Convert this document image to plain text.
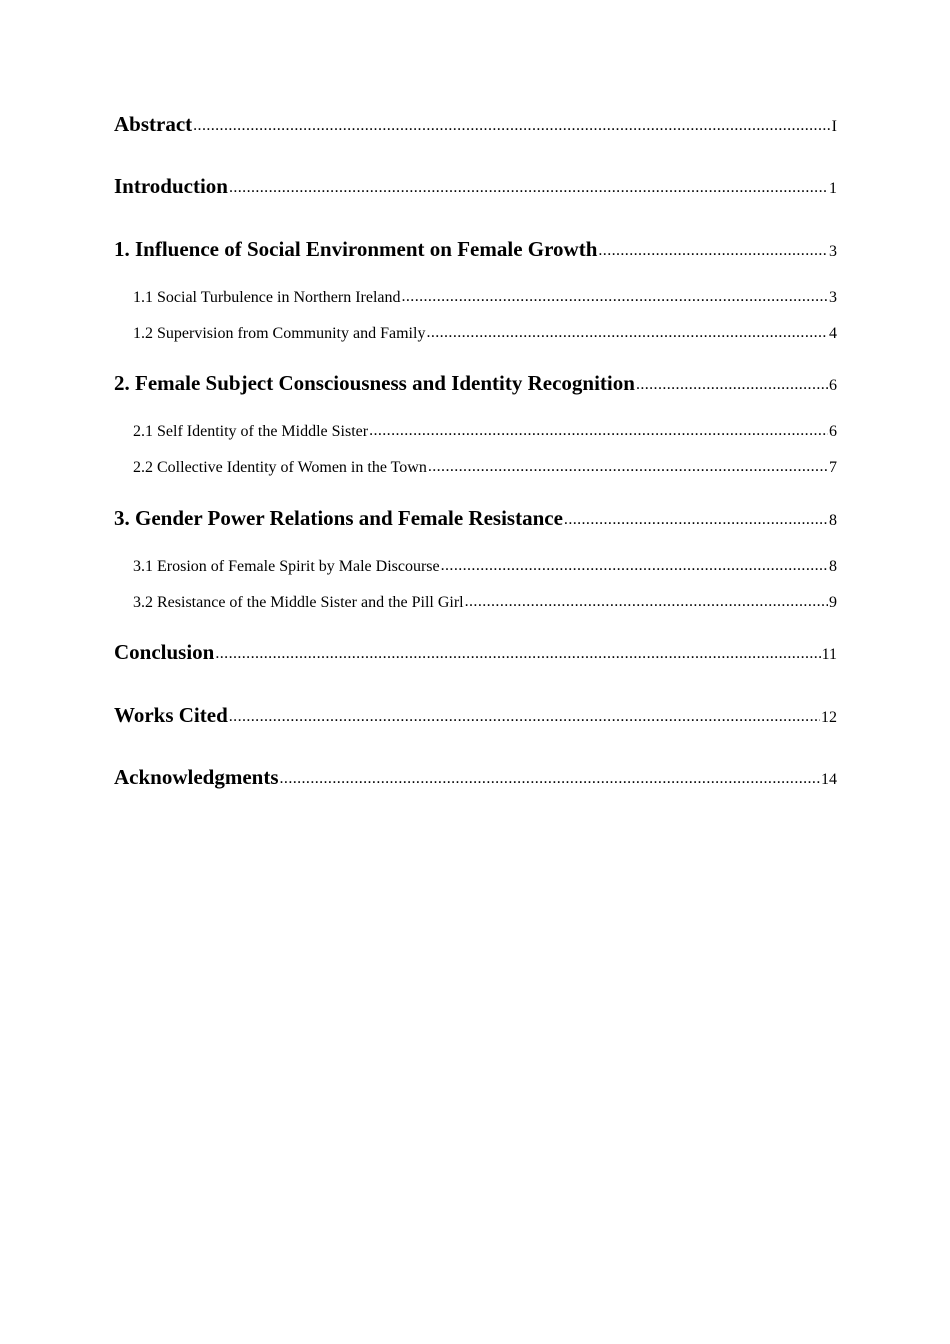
Abstract .....	I
Introduction .....	1
1. Influence of Social Environment on Female Growth .....	3
1.1 Social Turbulence in Northern Ireland .....	3
1.2 Supervision from Community and Family .....	4
2. Female Subject Consciousness and Identity Recognition .....	6
2.1 Self Identity of the Middle Sister .....	6
2.2 Collective Identity of Women in the Town .....	7
3. Gender Power Relations and Female Resistance .....	8
3.1 Erosion of Female Spirit by Male Discourse .....	8
3.2 Resistance of the Middle Sister and the Pill Girl .....	9
Conclusion .....	11
Works Cited .....	12
Acknowledgments .....	14
